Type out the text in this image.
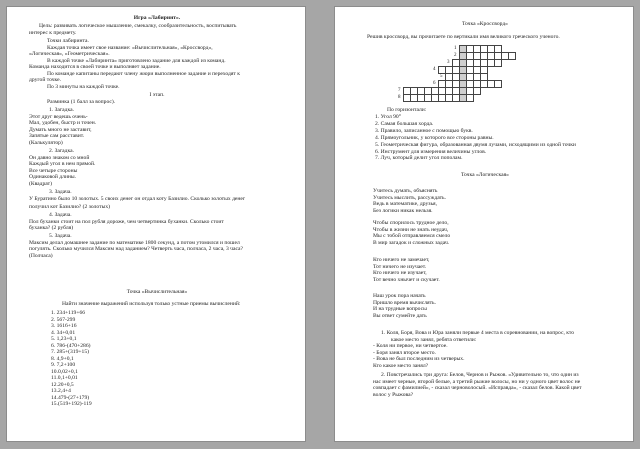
Игра «Лабиринт».
Цель: развивать логическое мышление, смекалку, сообразительность, воспитывать
интерес к предмету.
Точки лабиринта.
Каждая точка имеет свое название: «Вычислительная», «Кроссворд»,
«Логическая», «Геометрическая».
В каждой точке «Лабиринта» приготовлено задание для каждой из команд.
Команда находится в своей точке и выполняет задание.
По команде капитаны передают члену жюри выполненное задание и переходят к
другой точке.
По 3 минуты на каждой точке.
I этап.
Разминка (1 балл за вопрос).
1. Загадка.
Этот друг ведешь очень-
Мал, удобен, быстр и точен.
Думать много не заставит,
Запятые сам расставит.
(Калькулятор)
2. Загадка.
Он давно знаком со мной
Каждый угол в нем прямой.
Все четыре стороны
Одинаковой длины.
(Квадрат)
3. Задача.
У Буратино было 10 золотых. 5 своих денег он отдал коту Базилио. Сколько золотых денег
получил кот Базилио? (2 золотых)
4. Задача.
Пол буханки стоит на пол рубля дороже, чем четвертинка буханки. Сколько стоит
буханка? (2 рубля)
5. Задача.
Максим делал домашнее задание по математике 1800 секунд, а потом утомился и пошел
погулять. Сколько мучился Максим над заданием? Четверть часа, полчаса, 2 часа, 3 часа?
(Полчаса)
Точка «Вычислительная»
Найти значение выражений используя только устные приемы вычислений:
1. 234+119+66
2. 567-299
3. 1616+16
4. 34+0,01
5. 1,23+0,1
6. 786-(470+286)
7. 285+(319+15)
8. 4,9+0,1
9. 7,2+100
10.0,02+0,1
11.0,1+0,01
12.20+0,5
13.2,4+4
14.479-(27+179)
15.(519+192)-119
Точка «Кроссворд»
Решив кроссворд, вы прочитаете по вертикали имя великого греческого ученого.
1
2
3
4
5
6
7
8
По горизонтали:
1. Угол 90°
2. Самая большая хорда.
3. Правило, записанное с помощью букв.
4. Прямоугольник, у которого все стороны равны.
5. Геометрическая фигура, образованная двумя лучами, исходящими из одной точки
6. Инструмент для измерения величины углов.
7. Луч, который делит угол пополам.
Точка «Логическая»
Учитесь думать, объяснять
Учитесь мыслить, рассуждать.
Ведь в математике, друзья,
Без логики никак нельзя.
Чтобы спорилось трудное дело,
Чтобы в жизни не знать неудач,
Мы с тобой отправляемся смело
В мир загадок и сложных задач.
Кто ничего не замечает,
Тот ничего не изучает.
Кто ничего не изучает,
Тот вечно хнычет и скучает.
Наш урок пора начать
Пришло время вычислять.
И на трудные вопросы
Вы ответ сумейте дать
1. Коля, Боря, Вова и Юра заняли первые 4 места в соревновании, на вопрос, кто
какое место занял, ребята ответили:
- Коля ни первое, ни четвертое.
- Боря занял второе место.
- Вова не был последним из четверых.
Кто какое место занял?
2. Повстречались три друга: Белов, Чернов и Рыжов. «Удивительно то, что один из
нас имеет черные, второй белые, а третий рыжие волосы, но ни у одного цвет волос не
совпадает с фамилией», - сказал черноволосый. «Исправда», - сказал белов. Какой цвет
волос у Рыжова?
